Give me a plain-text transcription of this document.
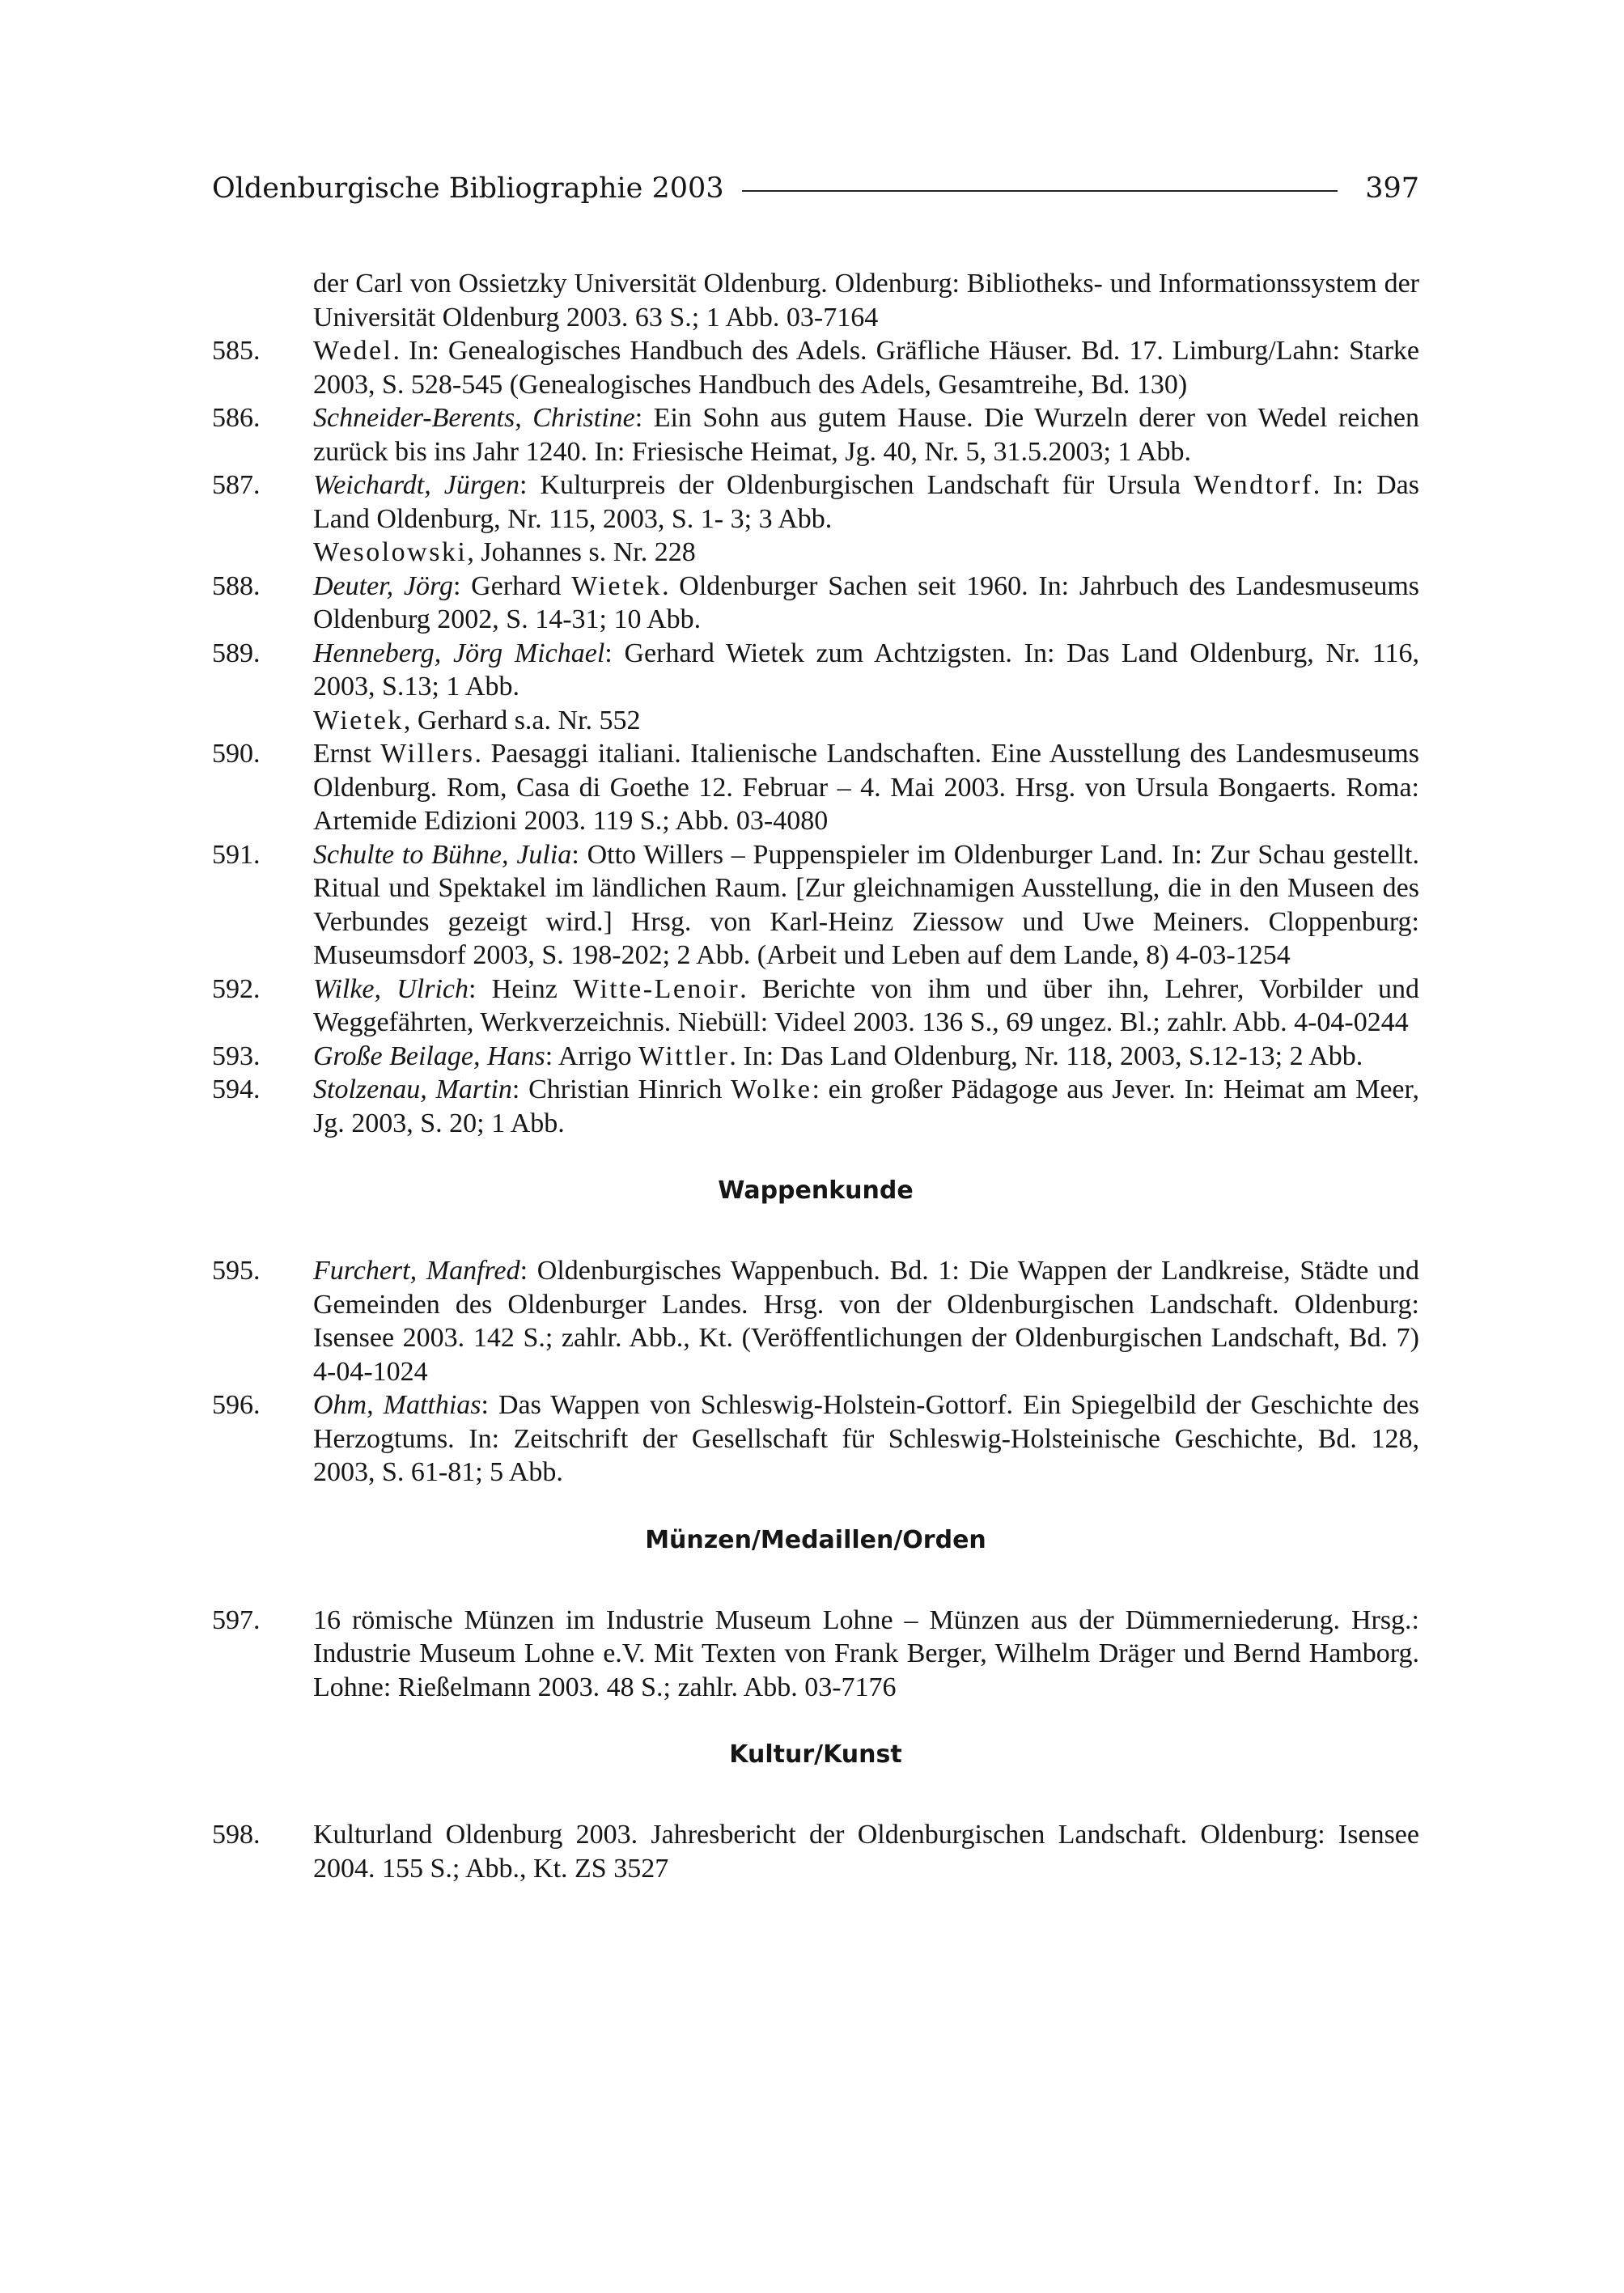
Oldenburgische Bibliographie 2003	397
der Carl von Ossietzky Universität Oldenburg. Oldenburg: Bibliotheks- und Informationssystem der Universität Oldenburg 2003. 63 S.; 1 Abb. 03-7164
585. Wedel. In: Genealogisches Handbuch des Adels. Gräfliche Häuser. Bd. 17. Limburg/Lahn: Starke 2003, S. 528-545 (Genealogisches Handbuch des Adels, Gesamtreihe, Bd. 130)
586. Schneider-Berents, Christine: Ein Sohn aus gutem Hause. Die Wurzeln derer von Wedel reichen zurück bis ins Jahr 1240. In: Friesische Heimat, Jg. 40, Nr. 5, 31.5.2003; 1 Abb.
587. Weichardt, Jürgen: Kulturpreis der Oldenburgischen Landschaft für Ursula Wendtorf. In: Das Land Oldenburg, Nr. 115, 2003, S. 1- 3; 3 Abb.
Wesolowski, Johannes s. Nr. 228
588. Deuter, Jörg: Gerhard Wietek. Oldenburger Sachen seit 1960. In: Jahrbuch des Landesmuseums Oldenburg 2002, S. 14-31; 10 Abb.
589. Henneberg, Jörg Michael: Gerhard Wietek zum Achtzigsten. In: Das Land Oldenburg, Nr. 116, 2003, S.13; 1 Abb.
Wietek, Gerhard s.a. Nr. 552
590. Ernst Willers. Paesaggi italiani. Italienische Landschaften. Eine Ausstellung des Landesmuseums Oldenburg. Rom, Casa di Goethe 12. Februar – 4. Mai 2003. Hrsg. von Ursula Bongaerts. Roma: Artemide Edizioni 2003. 119 S.; Abb. 03-4080
591. Schulte to Bühne, Julia: Otto Willers – Puppenspieler im Oldenburger Land. In: Zur Schau gestellt. Ritual und Spektakel im ländlichen Raum. [Zur gleichnamigen Ausstellung, die in den Museen des Verbundes gezeigt wird.] Hrsg. von Karl-Heinz Ziessow und Uwe Meiners. Cloppenburg: Museumsdorf 2003, S. 198-202; 2 Abb. (Arbeit und Leben auf dem Lande, 8) 4-03-1254
592. Wilke, Ulrich: Heinz Witte-Lenoir. Berichte von ihm und über ihn, Lehrer, Vorbilder und Weggefährten, Werkverzeichnis. Niebüll: Videel 2003. 136 S., 69 ungez. Bl.; zahlr. Abb. 4-04-0244
593. Große Beilage, Hans: Arrigo Wittler. In: Das Land Oldenburg, Nr. 118, 2003, S.12-13; 2 Abb.
594. Stolzenau, Martin: Christian Hinrich Wolke: ein großer Pädagoge aus Jever. In: Heimat am Meer, Jg. 2003, S. 20; 1 Abb.
Wappenkunde
595. Furchert, Manfred: Oldenburgisches Wappenbuch. Bd. 1: Die Wappen der Landkreise, Städte und Gemeinden des Oldenburger Landes. Hrsg. von der Oldenburgischen Landschaft. Oldenburg: Isensee 2003. 142 S.; zahlr. Abb., Kt. (Veröffentlichungen der Oldenburgischen Landschaft, Bd. 7) 4-04-1024
596. Ohm, Matthias: Das Wappen von Schleswig-Holstein-Gottorf. Ein Spiegelbild der Geschichte des Herzogtums. In: Zeitschrift der Gesellschaft für Schleswig-Holsteinische Geschichte, Bd. 128, 2003, S. 61-81; 5 Abb.
Münzen/Medaillen/Orden
597. 16 römische Münzen im Industrie Museum Lohne – Münzen aus der Dümmerniederung. Hrsg.: Industrie Museum Lohne e.V. Mit Texten von Frank Berger, Wilhelm Dräger und Bernd Hamborg. Lohne: Rießelmann 2003. 48 S.; zahlr. Abb. 03-7176
Kultur/Kunst
598. Kulturland Oldenburg 2003. Jahresbericht der Oldenburgischen Landschaft. Oldenburg: Isensee 2004. 155 S.; Abb., Kt. ZS 3527
